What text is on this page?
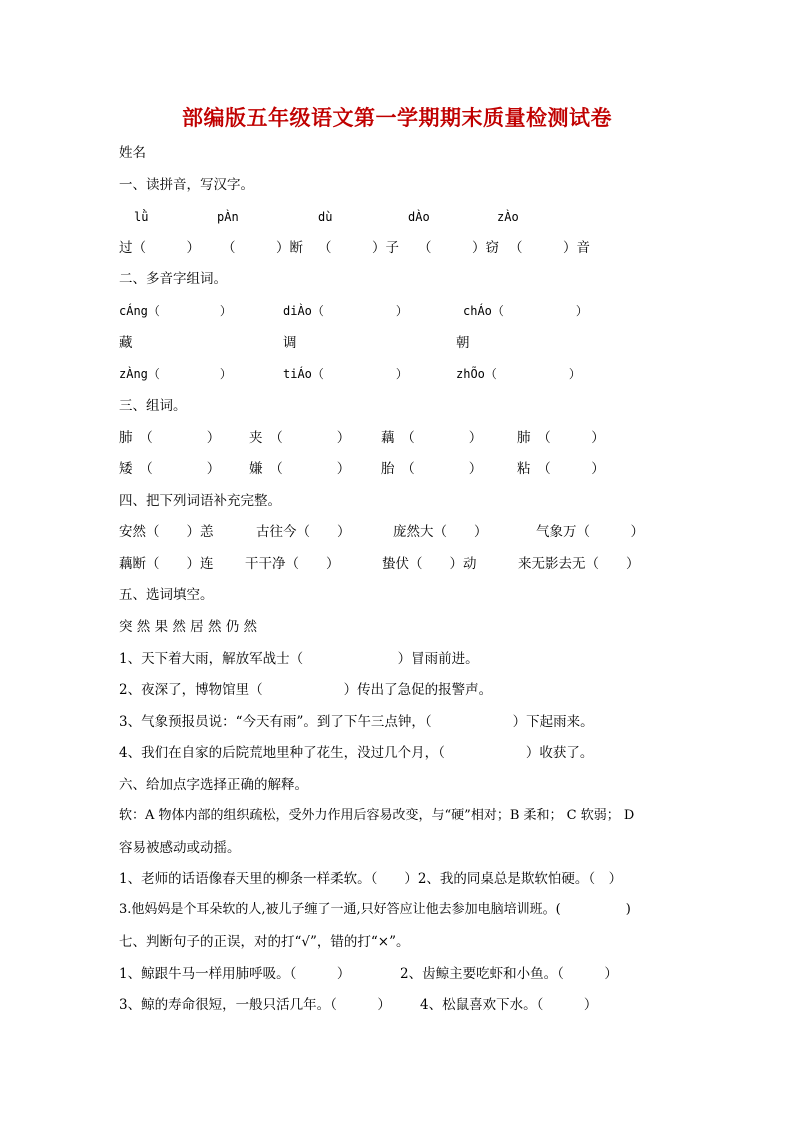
部编版五年级语文第一学期期末质量检测试卷
姓名
一、读拼音，写汉字。
lǜ	pÀn	dù	dÀo	zÀo
过（　　　） （　　　）断 （　　　）子 （　　　）窃 （　　　）音
二、多音字组词。
cÁng（　　　　　）	diÀo（　　　　　　）	chÁo（　　　　　　）
藏	调	朝
zÀng（　　　　　）	tiÁo（　　　　　　）	zhÕo（　　　　　　）
三、组词。
肺　（　　　　） 夹　（　　　　） 藕　（　　　　）	肺　（　　　）
矮　（　　　　） 嫌　（　　　　） 胎　（　　　　）	粘　（　　　）
四、把下列词语补充完整。
安然（　　）恙	古往今（　　）	庞然大（　　）	气象万（　　　）
藕断（　　）连 干干净（　　）	蛰伏（　　）动	来无影去无（　　）
五、选词填空。
突 然 果 然 居 然 仍 然
1、天下着大雨，解放军战士（　　　　　　　）冒雨前进。
2、夜深了，博物馆里（　　　　　　）传出了急促的报警声。
3、气象预报员说：“今天有雨”。到了下午三点钟，（　　　　　　）下起雨来。
4、我们在自家的后院荒地里种了花生，没过几个月，（　　　　　　）收获了。
六、给加点字选择正确的解释。
软：A 物体内部的组织疏松，受外力作用后容易改变，与“硬”相对；B 柔和； C 软弱； D
容易被感动或动摇。
1、老师的话语像春天里的柳条一样柔软。（　　）2、我的同桌总是欺软怕硬。（　）
3.他妈妈是个耳朵软的人,被儿子缠了一通,只好答应让他去参加电脑培训班。(　　　　　)
七、判断句子的正误，对的打“√”，错的打“×”。
1、鲸跟牛马一样用肺呼吸。（　　　）	2、齿鲸主要吃虾和小鱼。（　　　）
3、鲸的寿命很短，一般只活几年。（　　　） 4、松鼠喜欢下水。（　　　）
